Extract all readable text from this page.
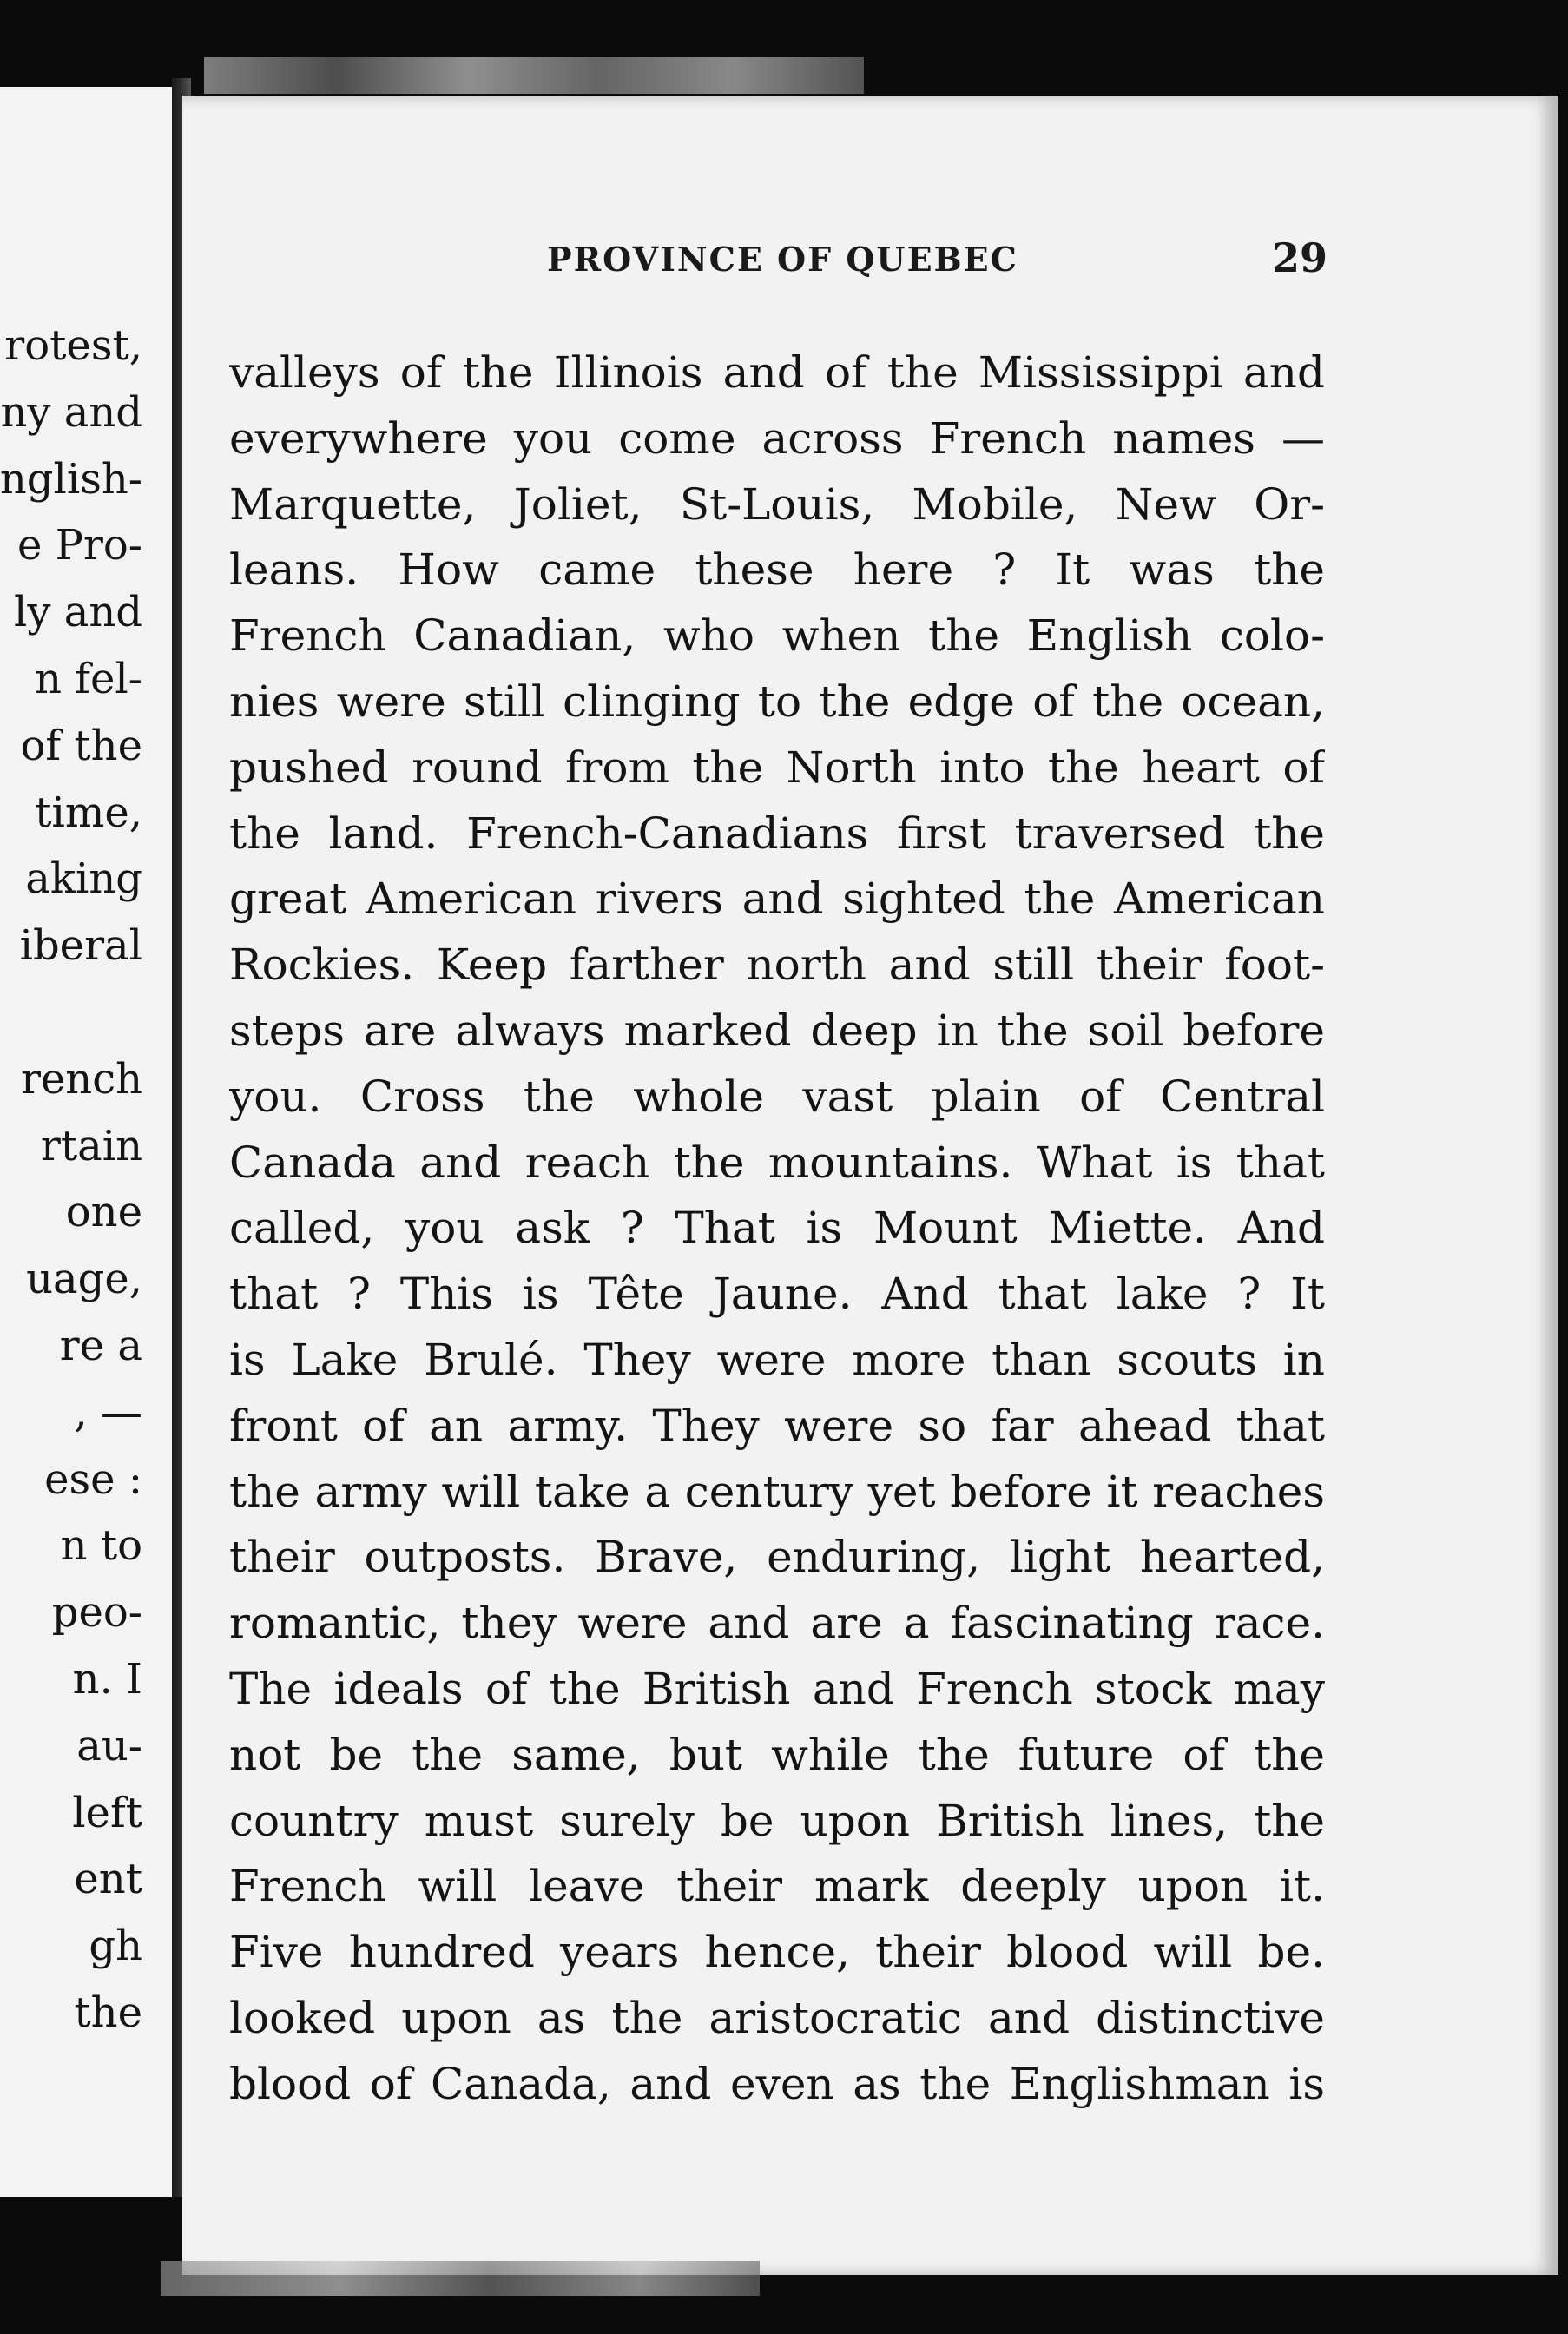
rotest,
ny and
nglish-
e Pro-
ly and
n fel-
of the
time,
aking
iberal
rench
rtain
one
uage,
re a
, —
ese :
n to
peo-
n. I
au-
left
ent
gh
the
PROVINCE OF QUEBEC	29
valleys of the Illinois and of the Mississippi and
everywhere you come across French names —
Marquette, Joliet, St-Louis, Mobile, New Or-
leans. How came these here ? It was the
French Canadian, who when the English colo-
nies were still clinging to the edge of the ocean,
pushed round from the North into the heart of
the land. French-Canadians first traversed the
great American rivers and sighted the American
Rockies. Keep farther north and still their foot-
steps are always marked deep in the soil before
you. Cross the whole vast plain of Central
Canada and reach the mountains. What is that
called, you ask ? That is Mount Miette. And
that ? This is Tête Jaune. And that lake ? It
is Lake Brulé. They were more than scouts in
front of an army. They were so far ahead that
the army will take a century yet before it reaches
their outposts. Brave, enduring, light hearted,
romantic, they were and are a fascinating race.
The ideals of the British and French stock may
not be the same, but while the future of the
country must surely be upon British lines, the
French will leave their mark deeply upon it.
Five hundred years hence, their blood will be.
looked upon as the aristocratic and distinctive
blood of Canada, and even as the Englishman is
